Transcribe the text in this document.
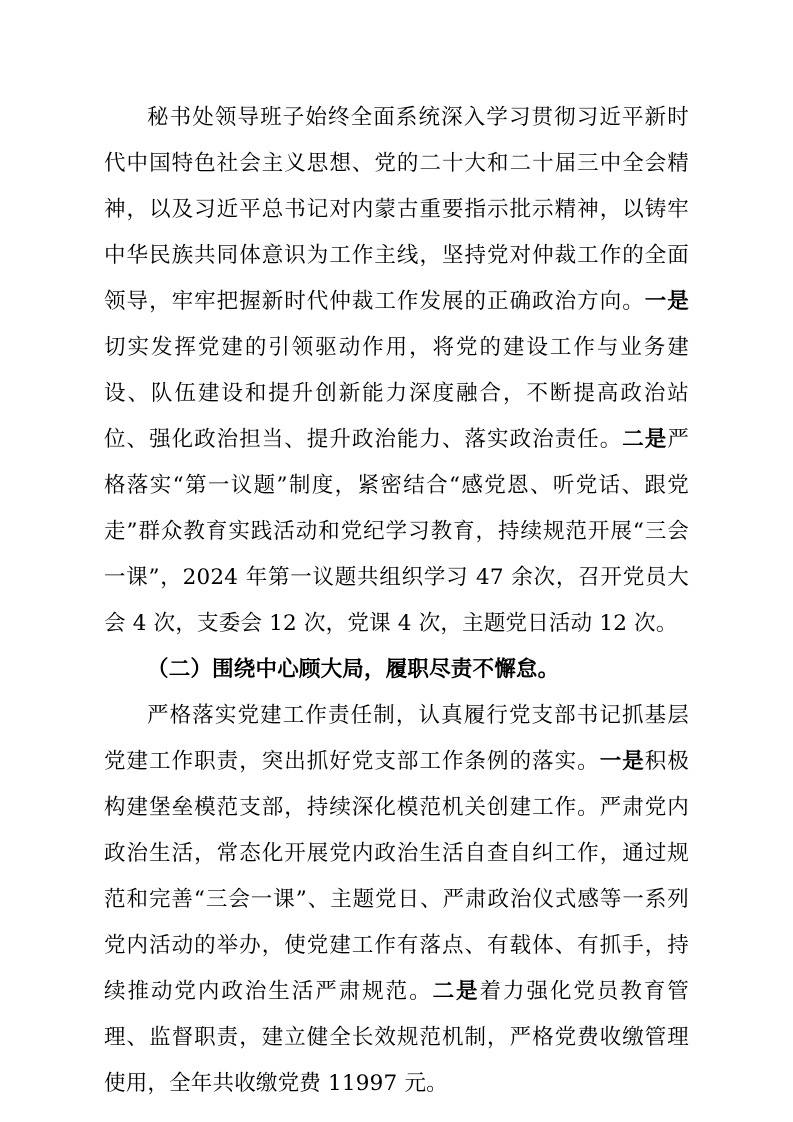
秘书处领导班子始终全面系统深入学习贯彻习近平新时代中国特色社会主义思想、党的二十大和二十届三中全会精神，以及习近平总书记对内蒙古重要指示批示精神，以铸牢中华民族共同体意识为工作主线，坚持党对仲裁工作的全面领导，牢牢把握新时代仲裁工作发展的正确政治方向。一是切实发挥党建的引领驱动作用，将党的建设工作与业务建设、队伍建设和提升创新能力深度融合，不断提高政治站位、强化政治担当、提升政治能力、落实政治责任。二是严格落实“第一议题”制度，紧密结合“感党恩、听党话、跟党走”群众教育实践活动和党纪学习教育，持续规范开展“三会一课”，2024 年第一议题共组织学习 47 余次，召开党员大会 4 次，支委会 12 次，党课 4 次，主题党日活动 12 次。

（二）围绕中心顾大局，履职尽责不懈怠。

严格落实党建工作责任制，认真履行党支部书记抓基层党建工作职责，突出抓好党支部工作条例的落实。一是积极构建堡垒模范支部，持续深化模范机关创建工作。严肃党内政治生活，常态化开展党内政治生活自查自纠工作，通过规范和完善“三会一课”、主题党日、严肃政治仪式感等一系列党内活动的举办，使党建工作有落点、有载体、有抓手，持续推动党内政治生活严肃规范。二是着力强化党员教育管理、监督职责，建立健全长效规范机制，严格党费收缴管理使用，全年共收缴党费 11997 元。
